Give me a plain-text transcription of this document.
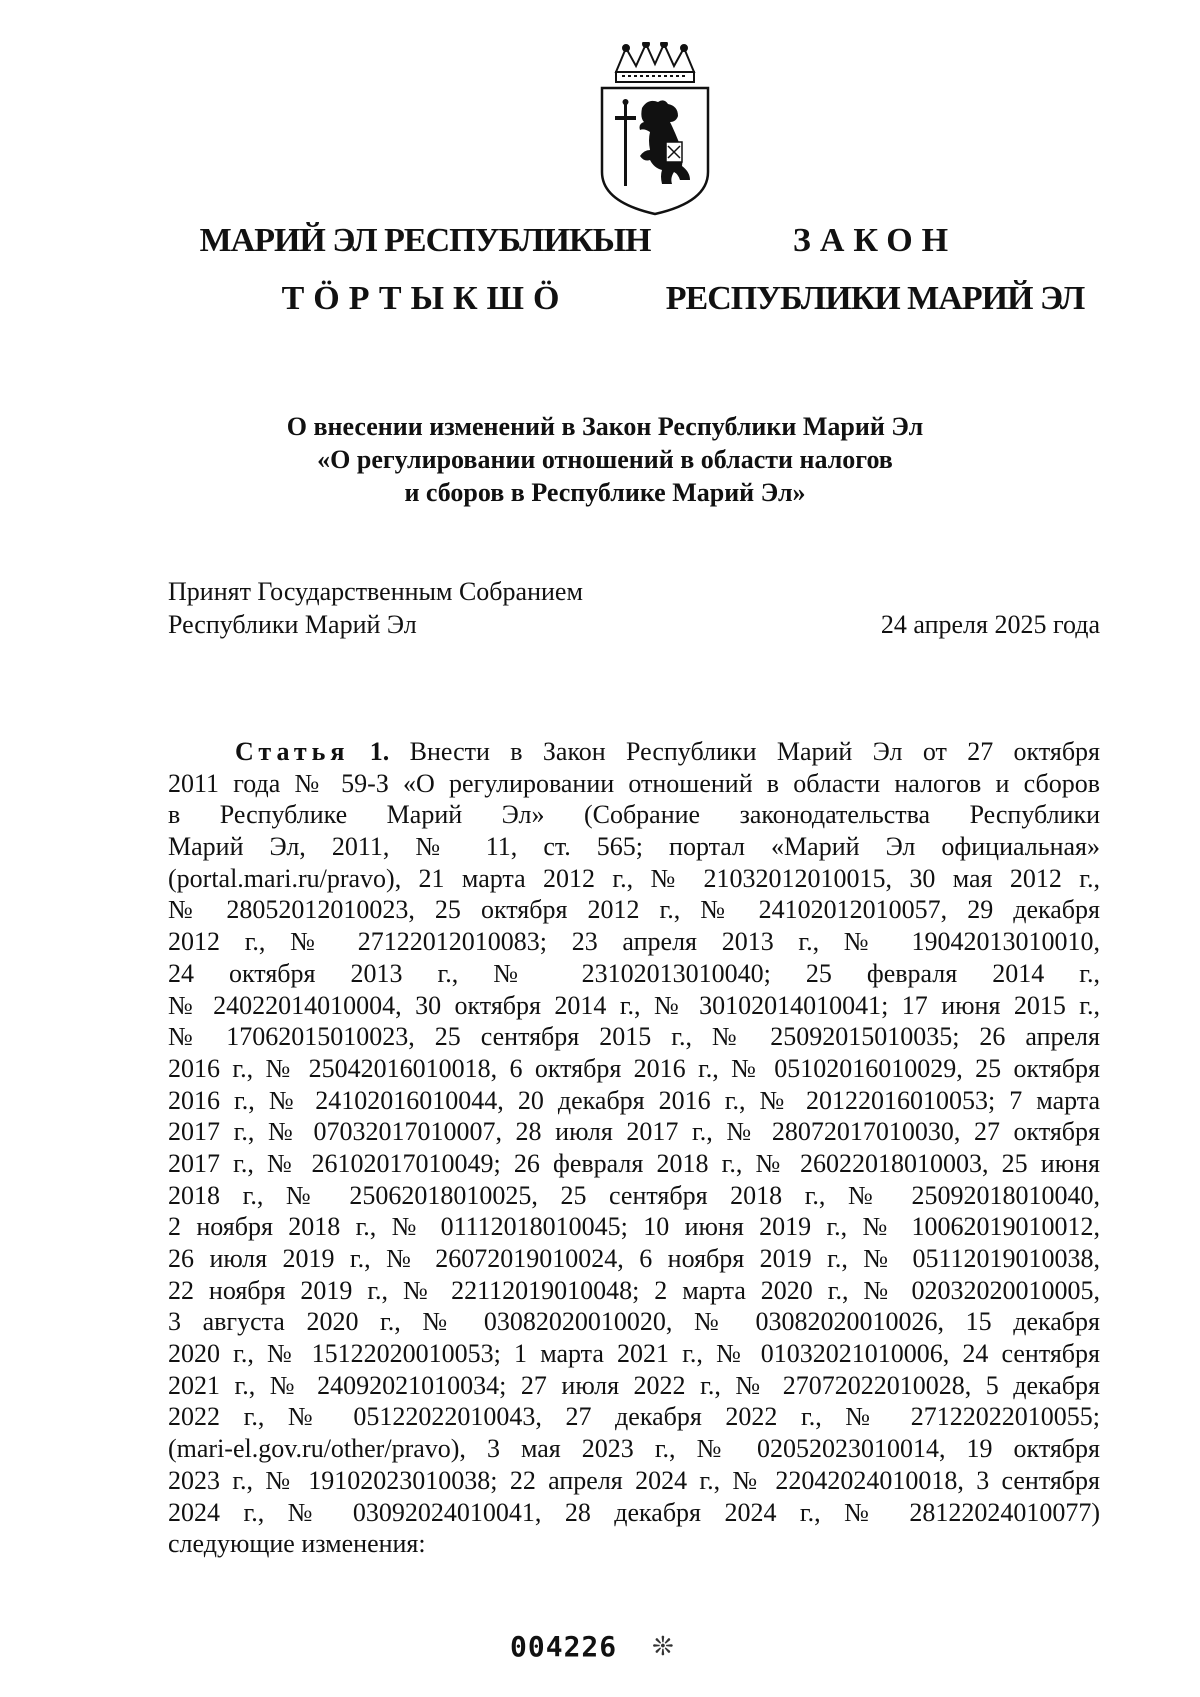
МАРИЙ ЭЛ РЕСПУБЛИКЫН
ТӦРТЫКШӦ
ЗАКОН
РЕСПУБЛИКИ МАРИЙ ЭЛ
О внесении изменений в Закон Республики Марий Эл
«О регулировании отношений в области налогов
и сборов в Республике Марий Эл»
Принят Государственным Собранием
Республики Марий Эл	24 апреля 2025 года
Статья 1. Внести в Закон Республики Марий Эл от 27 октября
2011 года № 59-З «О регулировании отношений в области налогов и сборов
в Республике Марий Эл» (Собрание законодательства Республики
Марий Эл, 2011, № 11, ст. 565; портал «Марий Эл официальная»
(portal.mari.ru/pravo), 21 марта 2012 г., № 21032012010015, 30 мая 2012 г.,
№ 28052012010023, 25 октября 2012 г., № 24102012010057, 29 декабря
2012 г., № 27122012010083; 23 апреля 2013 г., № 19042013010010,
24 октября 2013 г., № 23102013010040; 25 февраля 2014 г.,
№ 24022014010004, 30 октября 2014 г., № 30102014010041; 17 июня 2015 г.,
№ 17062015010023, 25 сентября 2015 г., № 25092015010035; 26 апреля
2016 г., № 25042016010018, 6 октября 2016 г., № 05102016010029, 25 октября
2016 г., № 24102016010044, 20 декабря 2016 г., № 20122016010053; 7 марта
2017 г., № 07032017010007, 28 июля 2017 г., № 28072017010030, 27 октября
2017 г., № 26102017010049; 26 февраля 2018 г., № 26022018010003, 25 июня
2018 г., № 25062018010025, 25 сентября 2018 г., № 25092018010040,
2 ноября 2018 г., № 01112018010045; 10 июня 2019 г., № 10062019010012,
26 июля 2019 г., № 26072019010024, 6 ноября 2019 г., № 05112019010038,
22 ноября 2019 г., № 22112019010048; 2 марта 2020 г., № 02032020010005,
3 августа 2020 г., № 03082020010020, № 03082020010026, 15 декабря
2020 г., № 15122020010053; 1 марта 2021 г., № 01032021010006, 24 сентября
2021 г., № 24092021010034; 27 июля 2022 г., № 27072022010028, 5 декабря
2022 г., № 05122022010043, 27 декабря 2022 г., № 27122022010055;
(mari-el.gov.ru/other/pravo), 3 мая 2023 г., № 02052023010014, 19 октября
2023 г., № 19102023010038; 22 апреля 2024 г., № 22042024010018, 3 сентября
2024 г., № 03092024010041, 28 декабря 2024 г., № 28122024010077)
следующие изменения:
004226 ❊
